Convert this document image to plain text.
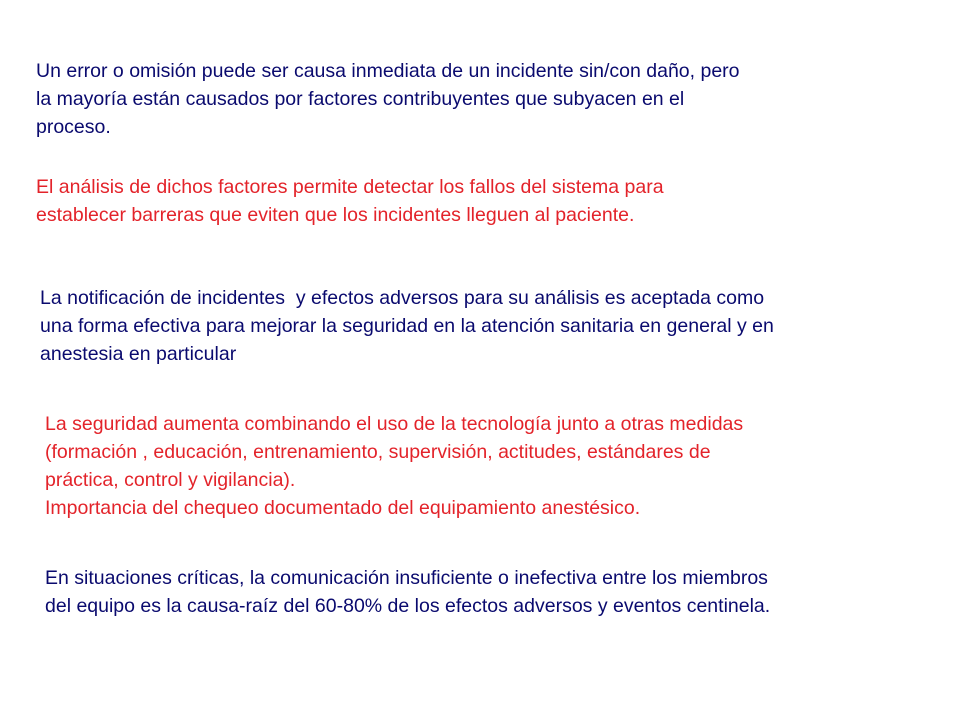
Un error o omisión puede ser causa inmediata de un incidente sin/con daño, pero
la mayoría están causados por factores contribuyentes que subyacen en el
proceso.
El análisis de dichos factores permite detectar los fallos del sistema para
establecer barreras que eviten que los incidentes lleguen al paciente.
La notificación de incidentes  y efectos adversos para su análisis es aceptada como
una forma efectiva para mejorar la seguridad en la atención sanitaria en general y en
anestesia en particular
La seguridad aumenta combinando el uso de la tecnología junto a otras medidas
(formación , educación, entrenamiento, supervisión, actitudes, estándares de
práctica, control y vigilancia).
Importancia del chequeo documentado del equipamiento anestésico.
En situaciones críticas, la comunicación insuficiente o inefectiva entre los miembros
del equipo es la causa-raíz del 60-80% de los efectos adversos y eventos centinela.
